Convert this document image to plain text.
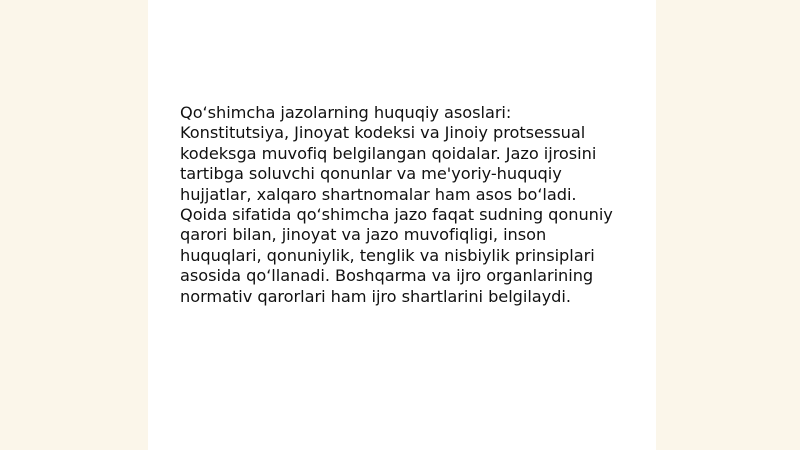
Qo‘shimcha jazolarning huquqiy asoslari:

Konstitutsiya, Jinoyat kodeksi va Jinoiy protsessual
kodeksga muvofiq belgilangan qoidalar. Jazo ijrosini
tartibga soluvchi qonunlar va me'yoriy-huquqiy
hujjatlar, xalqaro shartnomalar ham asos bo‘ladi.
Qoida sifatida qo‘shimcha jazo faqat sudning qonuniy
qarori bilan, jinoyat va jazo muvofiqligi, inson
huquqlari, qonuniylik, tenglik va nisbiylik prinsiplari
asosida qo‘llanadi. Boshqarma va ijro organlarining
normativ qarorlari ham ijro shartlarini belgilaydi.
